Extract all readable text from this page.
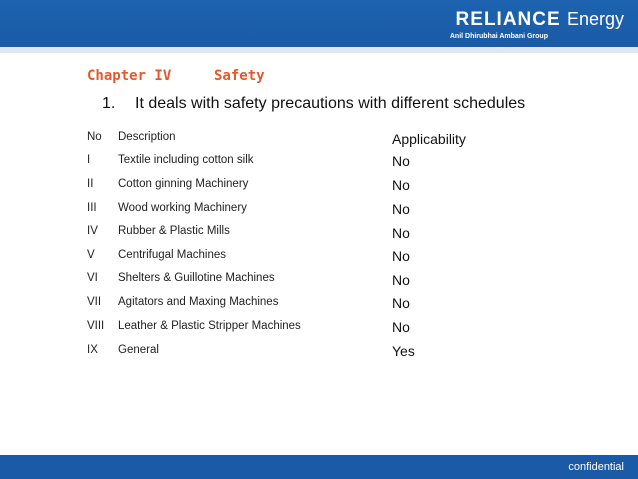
RELIANCE Energy
Anil Dhirubhai Ambani Group
Chapter IV	Safety
1. It deals with safety precautions with different schedules
No Description	Applicability
I Textile including cotton silk	No
II Cotton ginning Machinery	No
III Wood working Machinery	No
IV Rubber & Plastic Mills	No
V Centrifugal Machines	No
VI Shelters & Guillotine Machines	No
VII Agitators and Maxing Machines	No
VIII Leather & Plastic Stripper Machines	No
IX General	Yes
confidential
